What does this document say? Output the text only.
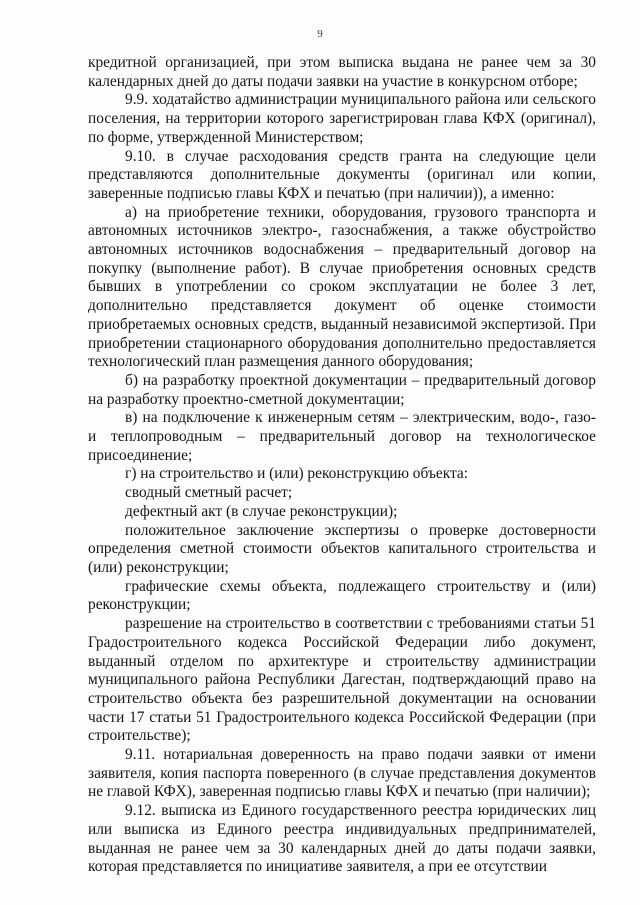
9

кредитной организацией, при этом выписка выдана не ранее чем за 30 календарных дней до даты подачи заявки на участие в конкурсном отборе;

9.9. ходатайство администрации муниципального района или сельского поселения, на территории которого зарегистрирован глава КФХ (оригинал), по форме, утвержденной Министерством;

9.10. в случае расходования средств гранта на следующие цели представляются дополнительные документы (оригинал или копии, заверенные подписью главы КФХ и печатью (при наличии)), а именно:

а) на приобретение техники, оборудования, грузового транспорта и автономных источников электро-, газоснабжения, а также обустройство автономных источников водоснабжения – предварительный договор на покупку (выполнение работ). В случае приобретения основных средств бывших в употреблении со сроком эксплуатации не более 3 лет, дополнительно представляется документ об оценке стоимости приобретаемых основных средств, выданный независимой экспертизой. При приобретении стационарного оборудования дополнительно предоставляется технологический план размещения данного оборудования;

б) на разработку проектной документации – предварительный договор на разработку проектно-сметной документации;

в) на подключение к инженерным сетям – электрическим, водо-, газо- и теплопроводным – предварительный договор на технологическое присоединение;

г) на строительство и (или) реконструкцию объекта:

сводный сметный расчет;

дефектный акт (в случае реконструкции);

положительное заключение экспертизы о проверке достоверности определения сметной стоимости объектов капитального строительства и (или) реконструкции;

графические схемы объекта, подлежащего строительству и (или) реконструкции;

разрешение на строительство в соответствии с требованиями статьи 51 Градостроительного кодекса Российской Федерации либо документ, выданный отделом по архитектуре и строительству администрации муниципального района Республики Дагестан, подтверждающий право на строительство объекта без разрешительной документации на основании части 17 статьи 51 Градостроительного кодекса Российской Федерации (при строительстве);

9.11. нотариальная доверенность на право подачи заявки от имени заявителя, копия паспорта поверенного (в случае представления документов не главой КФХ), заверенная подписью главы КФХ и печатью (при наличии);

9.12. выписка из Единого государственного реестра юридических лиц или выписка из Единого реестра индивидуальных предпринимателей, выданная не ранее чем за 30 календарных дней до даты подачи заявки, которая представляется по инициативе заявителя, а при ее отсутствии
